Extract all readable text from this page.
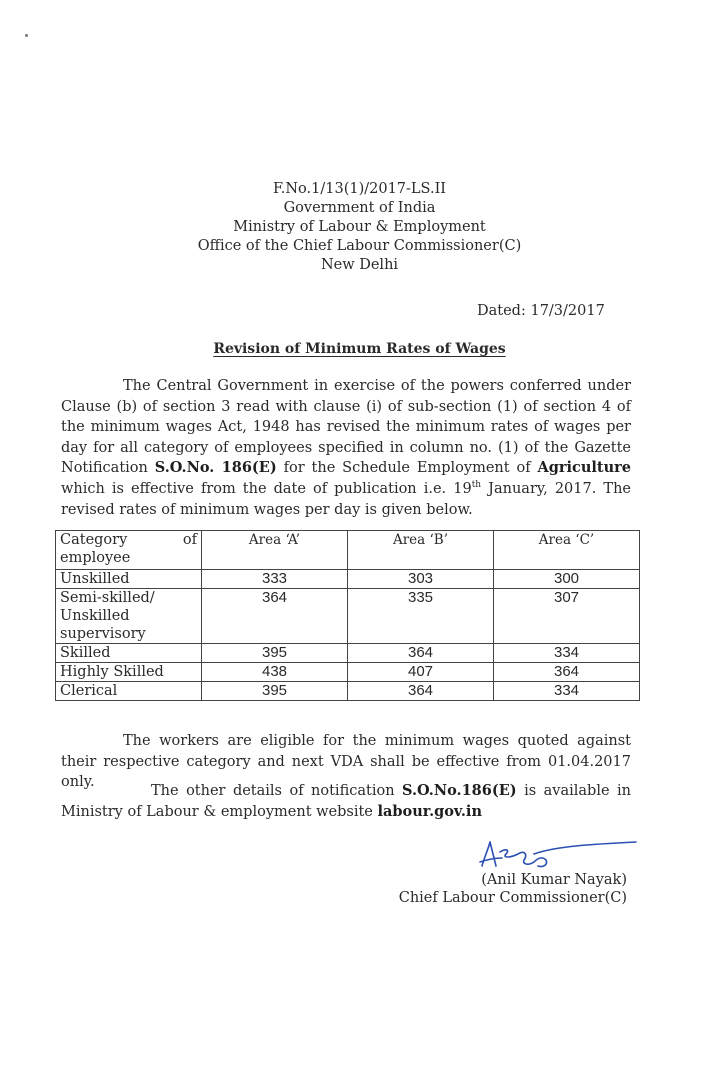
F.No.1/13(1)/2017-LS.II
Government of India
Ministry of Labour & Employment
Office of the Chief Labour Commissioner(C)
New Delhi
Dated: 17/3/2017
Revision of Minimum Rates of Wages

The Central Government in exercise of the powers conferred under Clause (b) of section 3 read with clause (i) of sub-section (1) of section 4 of the minimum wages Act, 1948 has revised the minimum rates of wages per day for all category of employees specified in column no. (1) of the Gazette Notification S.O.No. 186(E) for the Schedule Employment of Agriculture which is effective from the date of publication i.e. 19th January, 2017. The revised rates of minimum wages per day is given below.

Category of
employee	Area ‘A’	Area ‘B’	Area ‘C’
Unskilled	333	303	300
Semi-skilled/ Unskilled supervisory	364	335	307
Skilled	395	364	334
Highly Skilled	438	407	364
Clerical	395	364	334

The workers are eligible for the minimum wages quoted against their respective category and next VDA shall be effective from 01.04.2017 only.

The other details of notification S.O.No.186(E) is available in Ministry of Labour & employment website labour.gov.in

(Anil Kumar Nayak)
Chief Labour Commissioner(C)
